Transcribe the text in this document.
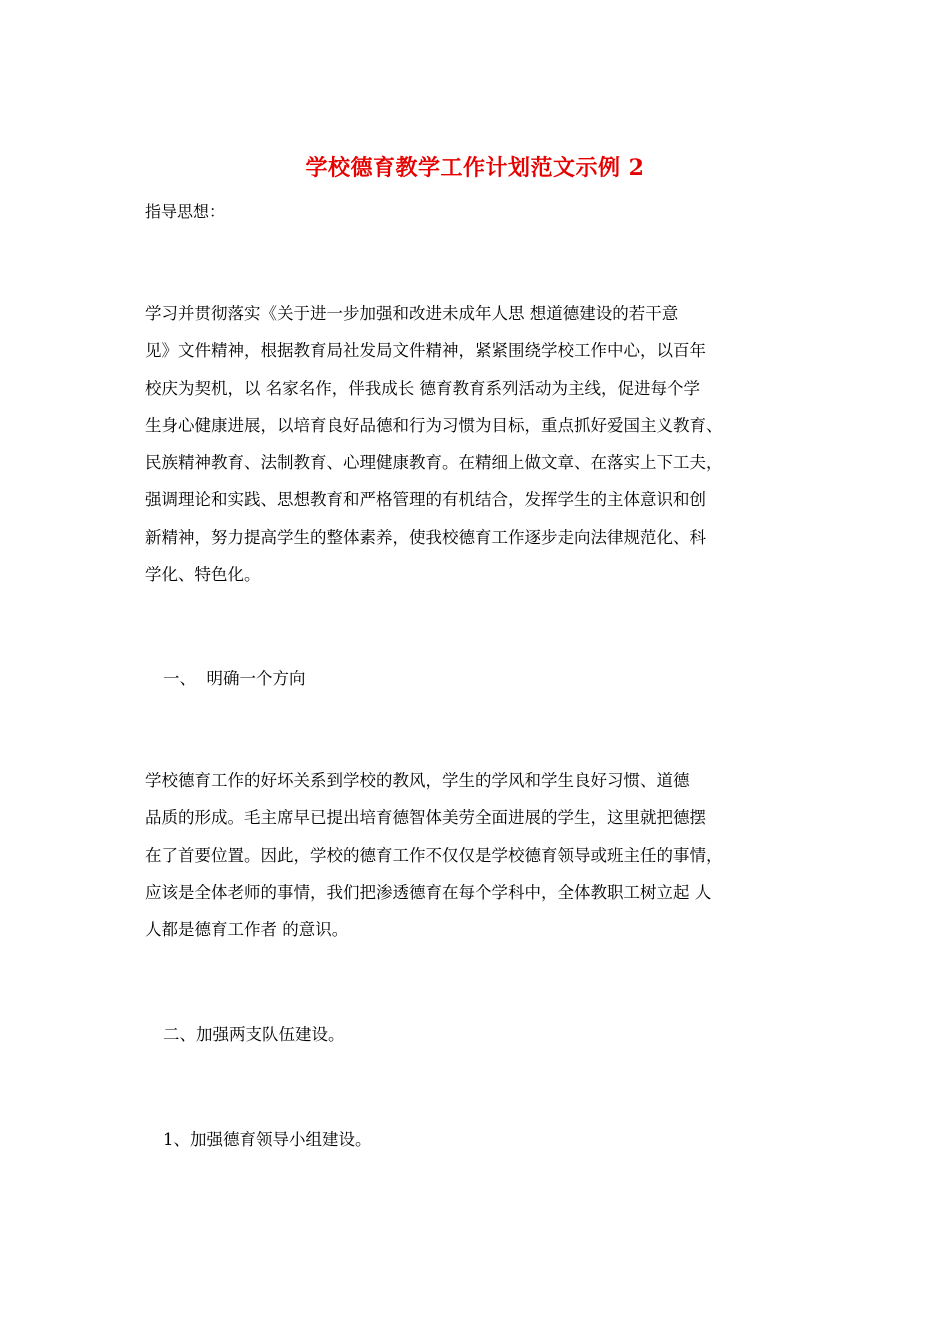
学校德育教学工作计划范文示例 2
指导思想：
学习并贯彻落实《关于进一步加强和改进未成年人思 想道德建设的若干意
见》文件精神，根据教育局社发局文件精神，紧紧围绕学校工作中心，以百年
校庆为契机，以 名家名作，伴我成长 德育教育系列活动为主线，促进每个学
生身心健康进展，以培育良好品德和行为习惯为目标，重点抓好爱国主义教育、
民族精神教育、法制教育、心理健康教育。在精细上做文章、在落实上下工夫，
强调理论和实践、思想教育和严格管理的有机结合，发挥学生的主体意识和创
新精神，努力提高学生的整体素养，使我校德育工作逐步走向法律规范化、科
学化、特色化。
一、  明确一个方向
学校德育工作的好坏关系到学校的教风，学生的学风和学生良好习惯、道德
品质的形成。毛主席早已提出培育德智体美劳全面进展的学生，这里就把德摆
在了首要位置。因此，学校的德育工作不仅仅是学校德育领导或班主任的事情，
应该是全体老师的事情，我们把渗透德育在每个学科中，全体教职工树立起 人
人都是德育工作者 的意识。
二、加强两支队伍建设。
1、加强德育领导小组建设。
